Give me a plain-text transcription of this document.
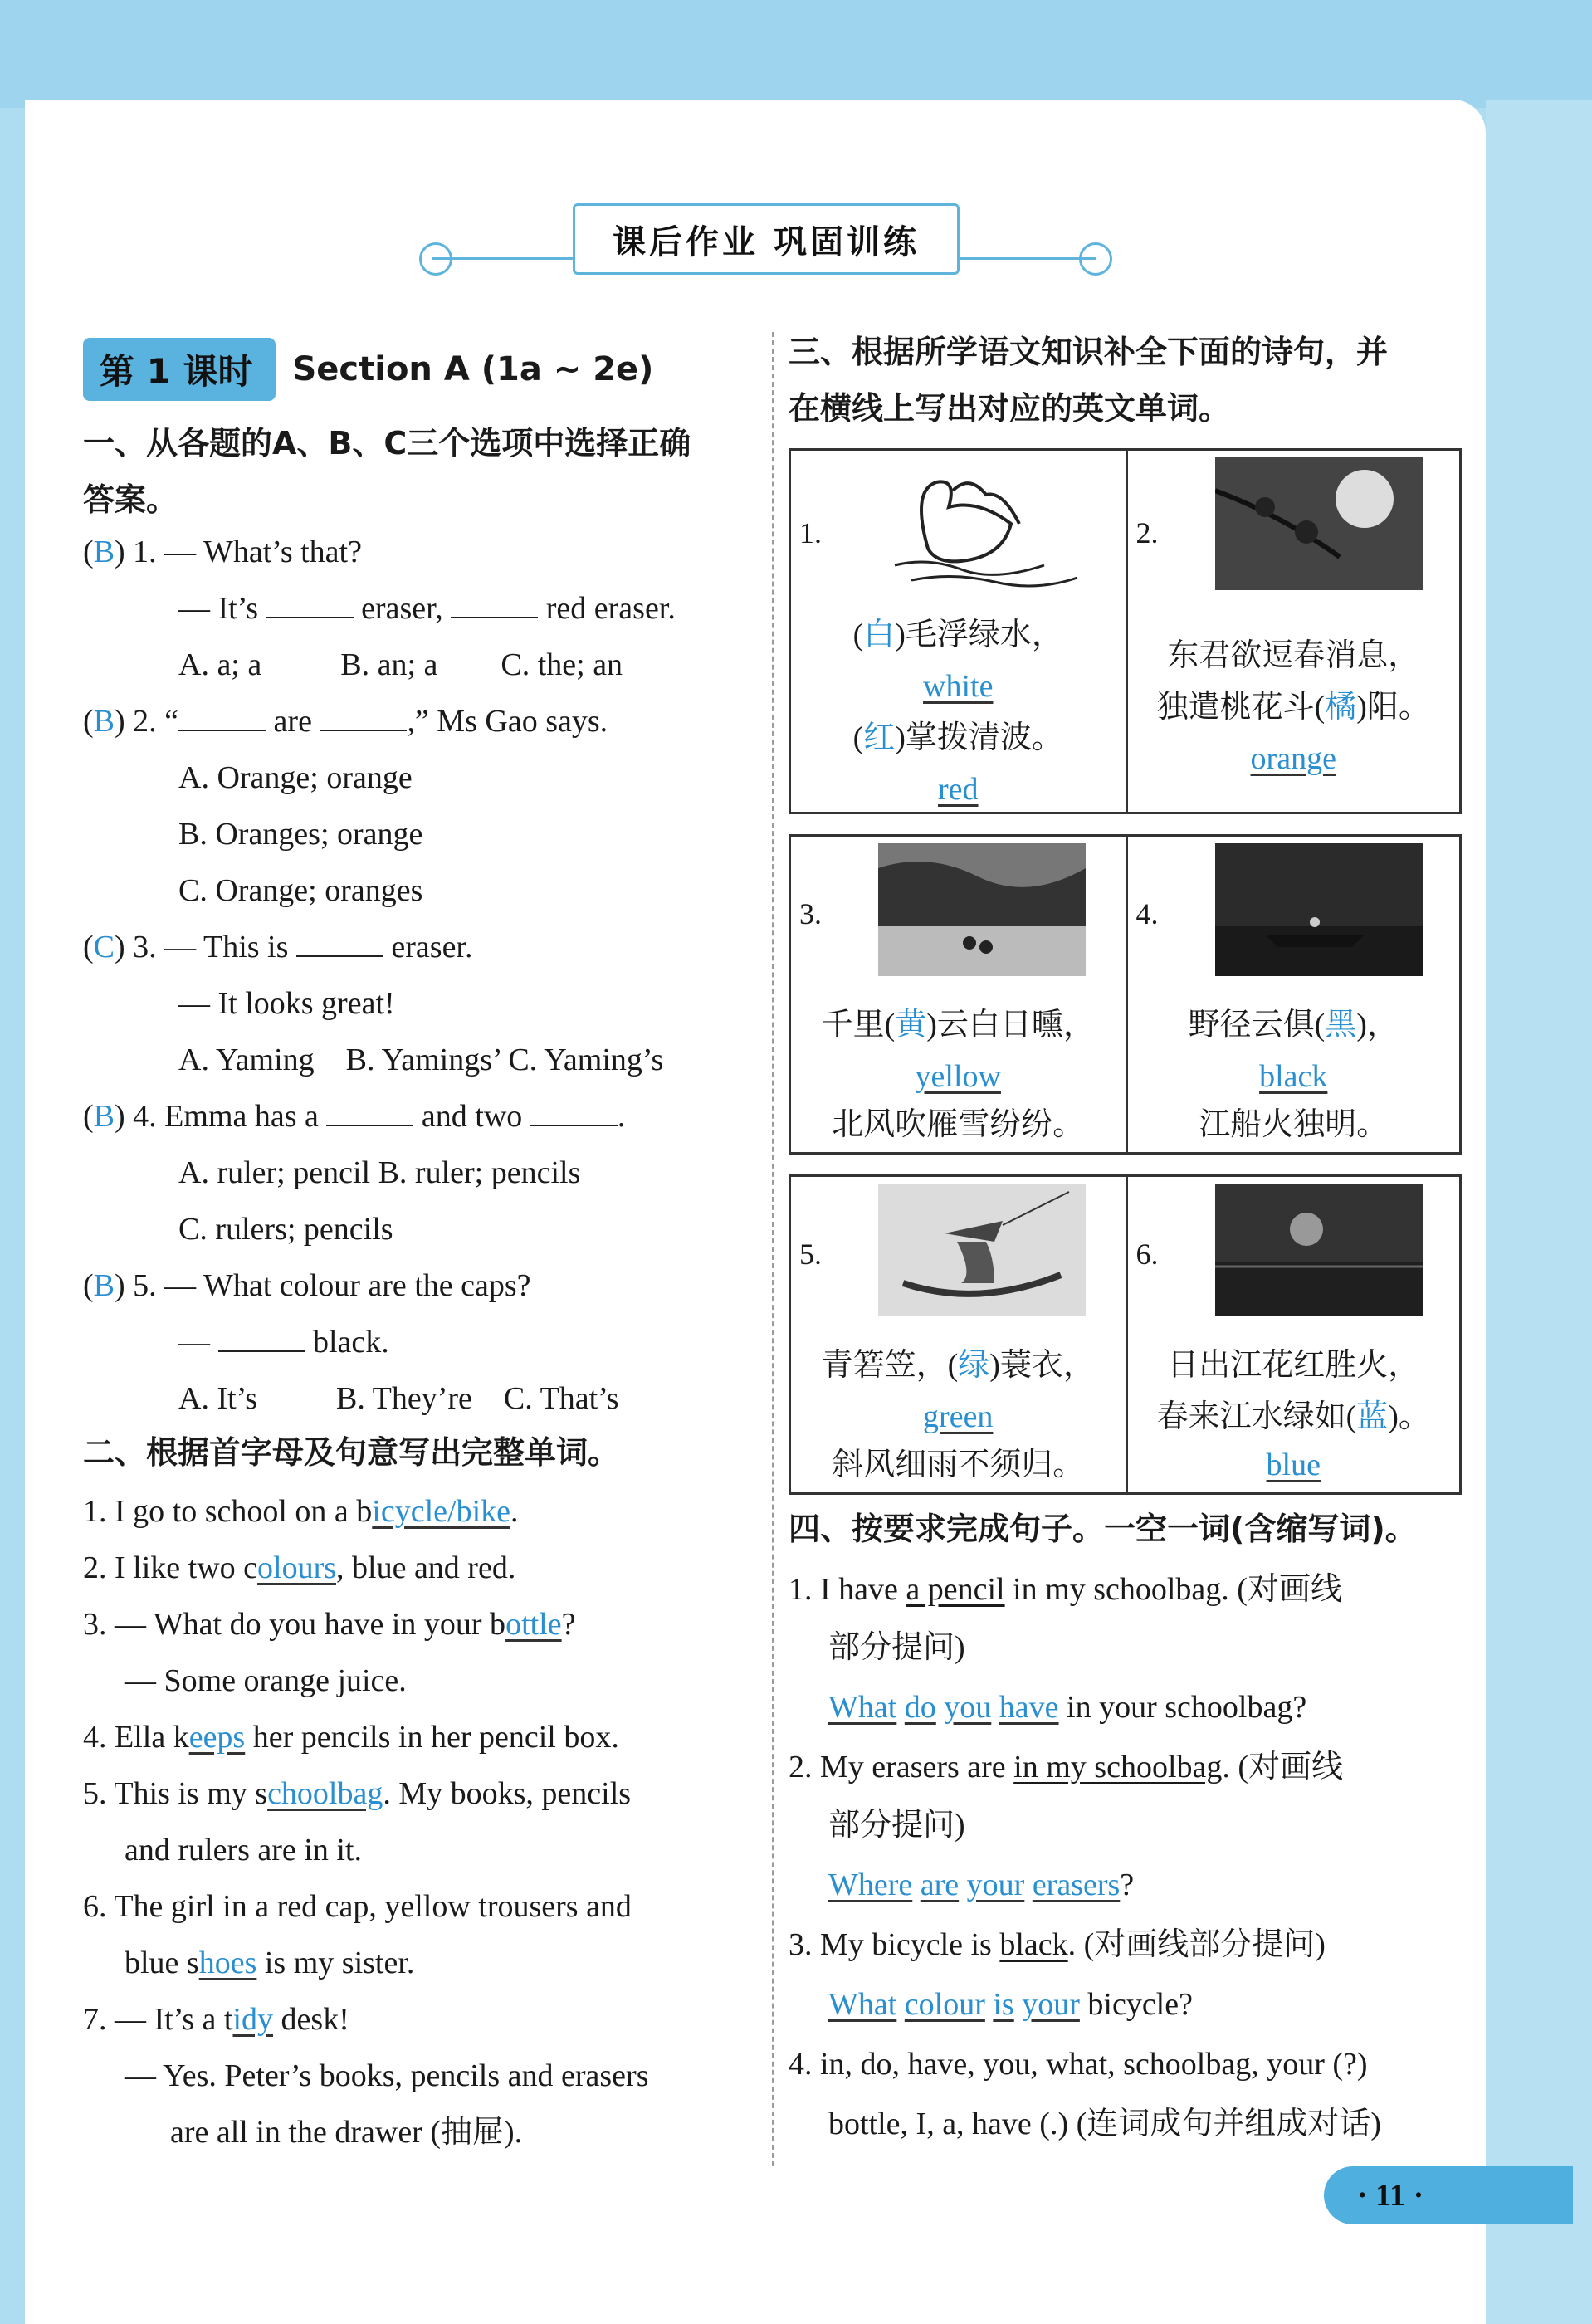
课后作业 巩固训练
第 1 课时	Section A (1a ~ 2e)
一、从各题的A、B、C三个选项中选择正确
答案。
(B) 1. — What’s that?
— It’s	eraser,	red eraser.
A. a; a          B. an; a        C. the; an
(B) 2. “	are	,” Ms Gao says.
A. Orange; orange
B. Oranges; orange
C. Orange; oranges
(C) 3. — This is	eraser.
— It looks great!
A. Yaming    B. Yamings’ C. Yaming’s
(B) 4. Emma has a	and two	.
A. ruler; pencil B. ruler; pencils
C. rulers; pencils
(B) 5. — What colour are the caps?
—	black.
A. It’s          B. They’re    C. That’s
二、根据首字母及句意写出完整单词。
1. I go to school on a bicycle/bike.
2. I like two colours, blue and red.
3. — What do you have in your bottle?
— Some orange juice.
4. Ella keeps her pencils in her pencil box.
5. This is my schoolbag. My books, pencils
and rulers are in it.
6. The girl in a red cap, yellow trousers and
blue shoes is my sister.
7. — It’s a tidy desk!
— Yes. Peter’s books, pencils and erasers
are all in the drawer (抽屉).
三、根据所学语文知识补全下面的诗句，并
在横线上写出对应的英文单词。
1.
(白)毛浮绿水，
white
(红)掌拨清波。
red
2.
东君欲逗春消息，
独遣桃花斗(橘)阳。
orange
3.
千里(黄)云白日曛，
yellow
北风吹雁雪纷纷。
4.
野径云俱(黑)，
black
江船火独明。
5.
青箬笠，(绿)蓑衣，
green
斜风细雨不须归。
6.
日出江花红胜火，
春来江水绿如(蓝)。
blue
四、按要求完成句子。一空一词(含缩写词)。
1. I have a pencil in my schoolbag. (对画线
部分提问)
What do you have in your schoolbag?
2. My erasers are in my schoolbag. (对画线
部分提问)
Where are your erasers?
3. My bicycle is black. (对画线部分提问)
What colour is your bicycle?
4. in, do, have, you, what, schoolbag, your (?)
bottle, I, a, have (.) (连词成句并组成对话)
· 11 ·
